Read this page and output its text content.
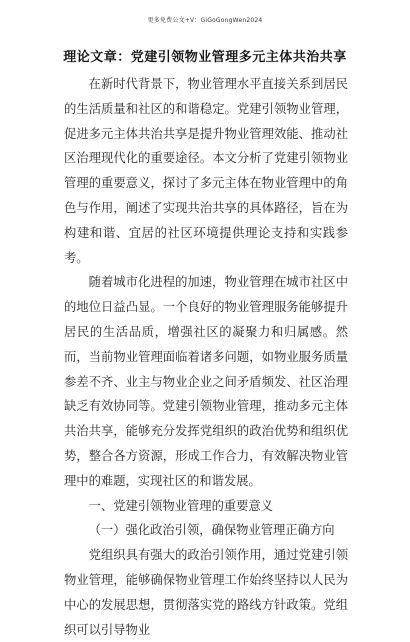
更多免费公文+V：GiGoGongWen2024
理论文章：党建引领物业管理多元主体共治共享

在新时代背景下，物业管理水平直接关系到居民的生活质量和社区的和谐稳定。党建引领物业管理，促进多元主体共治共享是提升物业管理效能、推动社区治理现代化的重要途径。本文分析了党建引领物业管理的重要意义，探讨了多元主体在物业管理中的角色与作用，阐述了实现共治共享的具体路径，旨在为构建和谐、宜居的社区环境提供理论支持和实践参考。

随着城市化进程的加速，物业管理在城市社区中的地位日益凸显。一个良好的物业管理服务能够提升居民的生活品质，增强社区的凝聚力和归属感。然而，当前物业管理面临着诸多问题，如物业服务质量参差不齐、业主与物业企业之间矛盾频发、社区治理缺乏有效协同等。党建引领物业管理，推动多元主体共治共享，能够充分发挥党组织的政治优势和组织优势，整合各方资源，形成工作合力，有效解决物业管理中的难题，实现社区的和谐发展。

一、党建引领物业管理的重要意义

（一）强化政治引领，确保物业管理正确方向

党组织具有强大的政治引领作用，通过党建引领物业管理，能够确保物业管理工作始终坚持以人民为中心的发展思想，贯彻落实党的路线方针政策。党组织可以引导物业
